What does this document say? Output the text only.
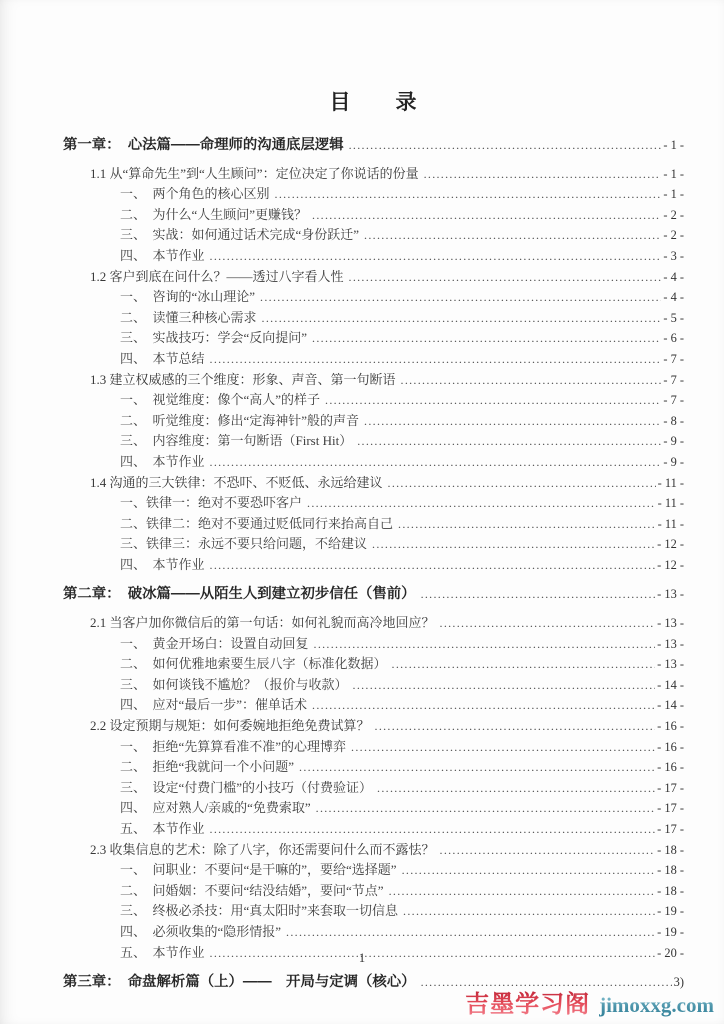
目　　录
第一章：　心法篇——命理师的沟通底层逻辑 .....	- 1 -
1.1 从“算命先生”到“人生顾问”：定位决定了你说话的份量 .....	- 1 -
一、　两个角色的核心区别 .....	- 1 -
二、　为什么“人生顾问”更赚钱？ .....	- 2 -
三、　实战：如何通过话术完成“身份跃迁” .....	- 2 -
四、　本节作业 .....	- 3 -
1.2 客户到底在问什么？——透过八字看人性 .....	- 4 -
一、　咨询的“冰山理论” .....	- 4 -
二、　读懂三种核心需求 .....	- 5 -
三、　实战技巧：学会“反向提问” .....	- 6 -
四、　本节总结 .....	- 7 -
1.3 建立权威感的三个维度：形象、声音、第一句断语 .....	- 7 -
一、　视觉维度：像个“高人”的样子 .....	- 7 -
二、　听觉维度：修出“定海神针”般的声音 .....	- 8 -
三、　内容维度：第一句断语（First Hit） .....	- 9 -
四、　本节作业 .....	- 9 -
1.4 沟通的三大铁律：不恐吓、不贬低、永远给建议 .....	- 11 -
一、铁律一：绝对不要恐吓客户 .....	- 11 -
二、铁律二：绝对不要通过贬低同行来抬高自己 .....	- 11 -
三、铁律三：永远不要只给问题，不给建议 .....	- 12 -
四、　本节作业 .....	- 12 -
第二章：　破冰篇——从陌生人到建立初步信任（售前） .....	- 13 -
2.1 当客户加你微信后的第一句话：如何礼貌而高冷地回应？ .....	- 13 -
一、　黄金开场白：设置自动回复 .....	- 13 -
二、　如何优雅地索要生辰八字（标准化数据） .....	- 13 -
三、　如何谈钱不尴尬？（报价与收款） .....	- 14 -
四、　应对“最后一步”：催单话术 .....	- 14 -
2.2 设定预期与规矩：如何委婉地拒绝免费试算？ .....	- 16 -
一、　拒绝“先算算看准不准”的心理博弈 .....	- 16 -
二、　拒绝“我就问一个小问题” .....	- 16 -
三、　设定“付费门槛”的小技巧（付费验证） .....	- 17 -
四、　应对熟人/亲戚的“免费索取” .....	- 17 -
五、　本节作业 .....	- 17 -
2.3 收集信息的艺术：除了八字，你还需要问什么而不露怯？ .....	- 18 -
一、　问职业：不要问“是干嘛的”，要给“选择题” .....	- 18 -
二、　问婚姻：不要问“结没结婚”，要问“节点” .....	- 18 -
三、　终极必杀技：用“真太阳时”来套取一切信息 .....	- 19 -
四、　必须收集的“隐形情报” .....	- 19 -
五、　本节作业 .....	- 20 -
第三章：　命盘解析篇（上）——　开局与定调（核心） .....	3)
1
吉墨学习阁 jimoxxg.com
